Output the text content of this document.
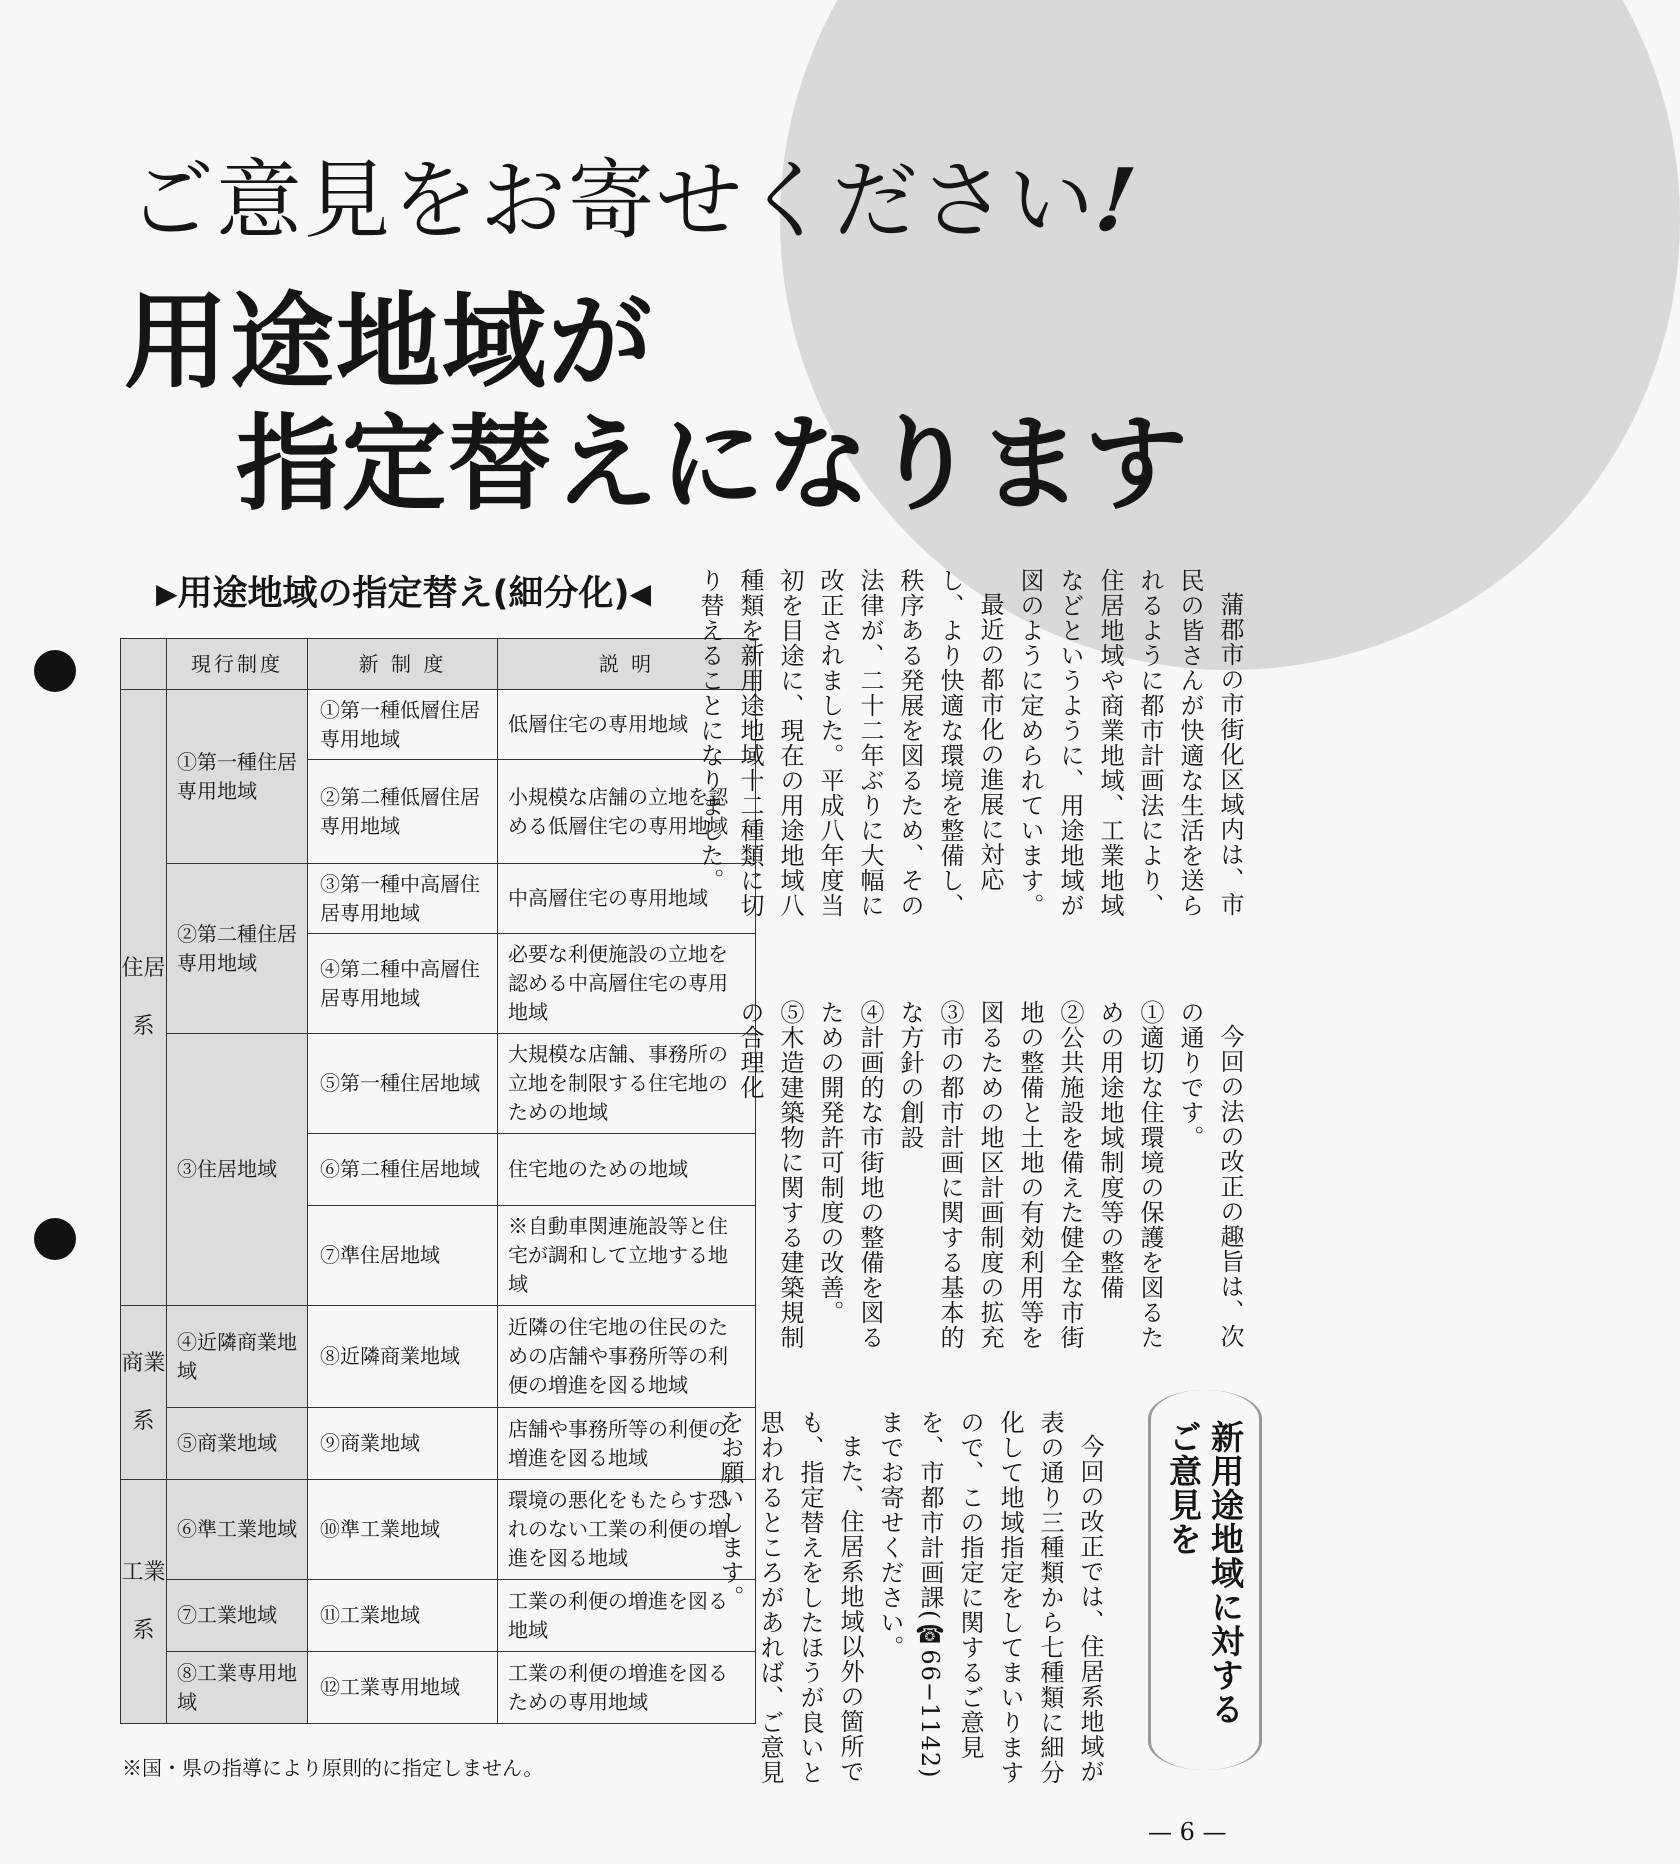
ご意見をお寄せください!
用途地域が
指定替えになります
▶用途地域の指定替え(細分化)◀
	現行制度	新 制 度	説 明
住居系	①第一種住居専用地域	①第一種低層住居専用地域	低層住宅の専用地域
		②第二種低層住居専用地域	小規模な店舗の立地を認める低層住宅の専用地域
	②第二種住居専用地域	③第一種中高層住居専用地域	中高層住宅の専用地域
		④第二種中高層住居専用地域	必要な利便施設の立地を認める中高層住宅の専用地域
	③住居地域	⑤第一種住居地域	大規模な店舗、事務所の立地を制限する住宅地のための地域
		⑥第二種住居地域	住宅地のための地域
		⑦準住居地域	※自動車関連施設等と住宅が調和して立地する地域
商業系	④近隣商業地域	⑧近隣商業地域	近隣の住宅地の住民のための店舗や事務所等の利便の増進を図る地域
	⑤商業地域	⑨商業地域	店舗や事務所等の利便の増進を図る地域
工業系	⑥準工業地域	⑩準工業地域	環境の悪化をもたらす恐れのない工業の利便の増進を図る地域
	⑦工業地域	⑪工業地域	工業の利便の増進を図る地域
	⑧工業専用地域	⑫工業専用地域	工業の利便の増進を図るための専用地域
※国・県の指導により原則的に指定しません。
蒲郡市の市街化区域内は、市民の皆さんが快適な生活を送られるように都市計画法により、住居地域や商業地域、工業地域などというように、用途地域が図のように定められています。
最近の都市化の進展に対応し、より快適な環境を整備し、秩序ある発展を図るため、その法律が、二十二年ぶりに大幅に改正されました。平成八年度当初を目途に、現在の用途地域八種類を新用途地域十二種類に切り替えることになりました。
今回の法の改正の趣旨は、次の通りです。
①適切な住環境の保護を図るための用途地域制度等の整備
②公共施設を備えた健全な市街地の整備と土地の有効利用等を図るための地区計画制度の拡充
③市の都市計画に関する基本的な方針の創設
④計画的な市街地の整備を図るための開発許可制度の改善。
⑤木造建築物に関する建築規制の合理化
新用途地域に対するご意見を
今回の改正では、住居系地域が表の通り三種類から七種類に細分化して地域指定をしてまいりますので、この指定に関するご意見を、市都市計画課(☎66−1142)までお寄せください。
また、住居系地域以外の箇所でも、指定替えをしたほうが良いと思われるところがあれば、ご意見をお願いします。
— 6 —
